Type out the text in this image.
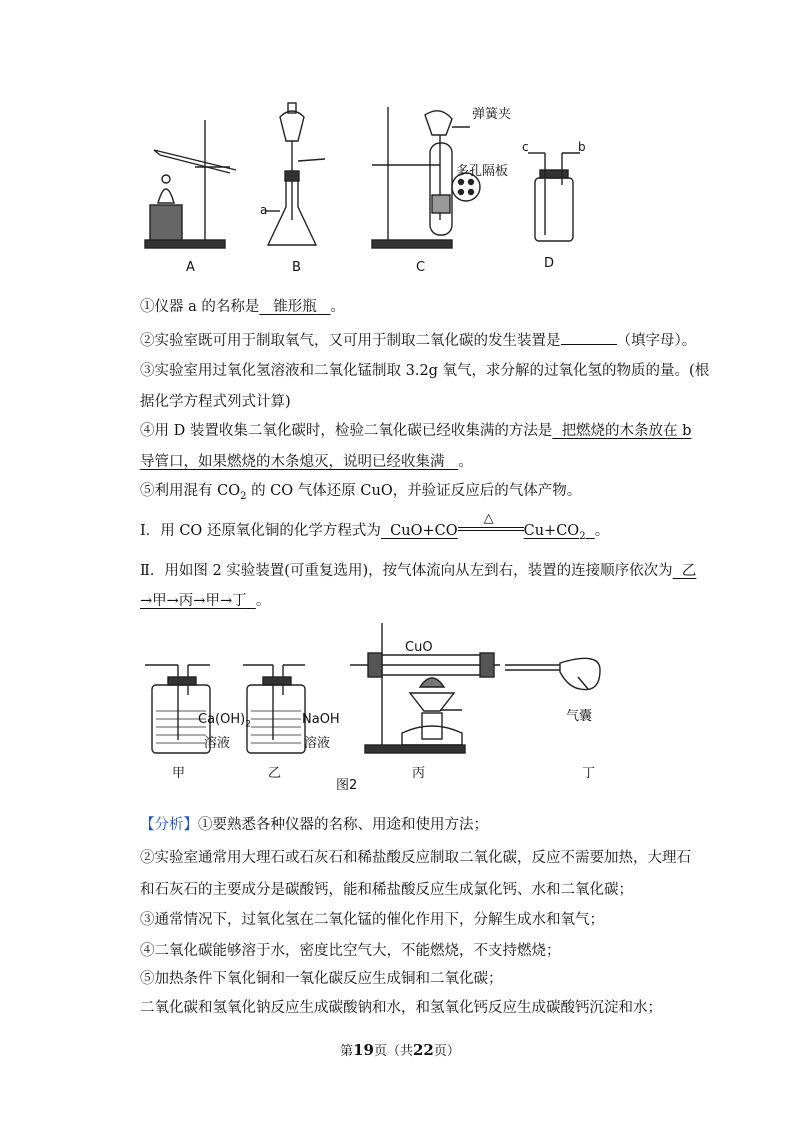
A	B	C	D
a
弹簧夹
多孔隔板
c	b
①仪器 a 的名称是 锥形瓶 。
②实验室既可用于制取氧气，又可用于制取二氧化碳的发生装置是	（填字母）。
③实验室用过氧化氢溶液和二氧化锰制取 3.2g 氧气，求分解的过氧化氢的物质的量。(根
据化学方程式列式计算)
④用 D 装置收集二氧化碳时，检验二氧化碳已经收集满的方法是 把燃烧的木条放在 b
导管口，如果燃烧的木条熄灭，说明已经收集满 。
⑤利用混有 $CO_2$ 的 CO 气体还原 CuO，并验证反应后的气体产物。
Ⅰ．用 CO 还原氧化铜的化学方程式为 CuO+CO
△
$Cu+CO_2$ 。
Ⅱ．用如图 2 实验装置(可重复选用)，按气体流向从左到右，装置的连接顺序依次为 乙
→甲→丙→甲→丁 。
$Ca(OH)_2$
溶液
NaOH
溶液
CuO
气囊
甲	乙	丙	丁
图2
【分析】①要熟悉各种仪器的名称、用途和使用方法；
②实验室通常用大理石或石灰石和稀盐酸反应制取二氧化碳，反应不需要加热，大理石
和石灰石的主要成分是碳酸钙，能和稀盐酸反应生成氯化钙、水和二氧化碳；
③通常情况下，过氧化氢在二氧化锰的催化作用下，分解生成水和氧气；
④二氧化碳能够溶于水，密度比空气大，不能燃烧，不支持燃烧；
⑤加热条件下氧化铜和一氧化碳反应生成铜和二氧化碳；
二氧化碳和氢氧化钠反应生成碳酸钠和水，和氢氧化钙反应生成碳酸钙沉淀和水；
第19页（共22页）
